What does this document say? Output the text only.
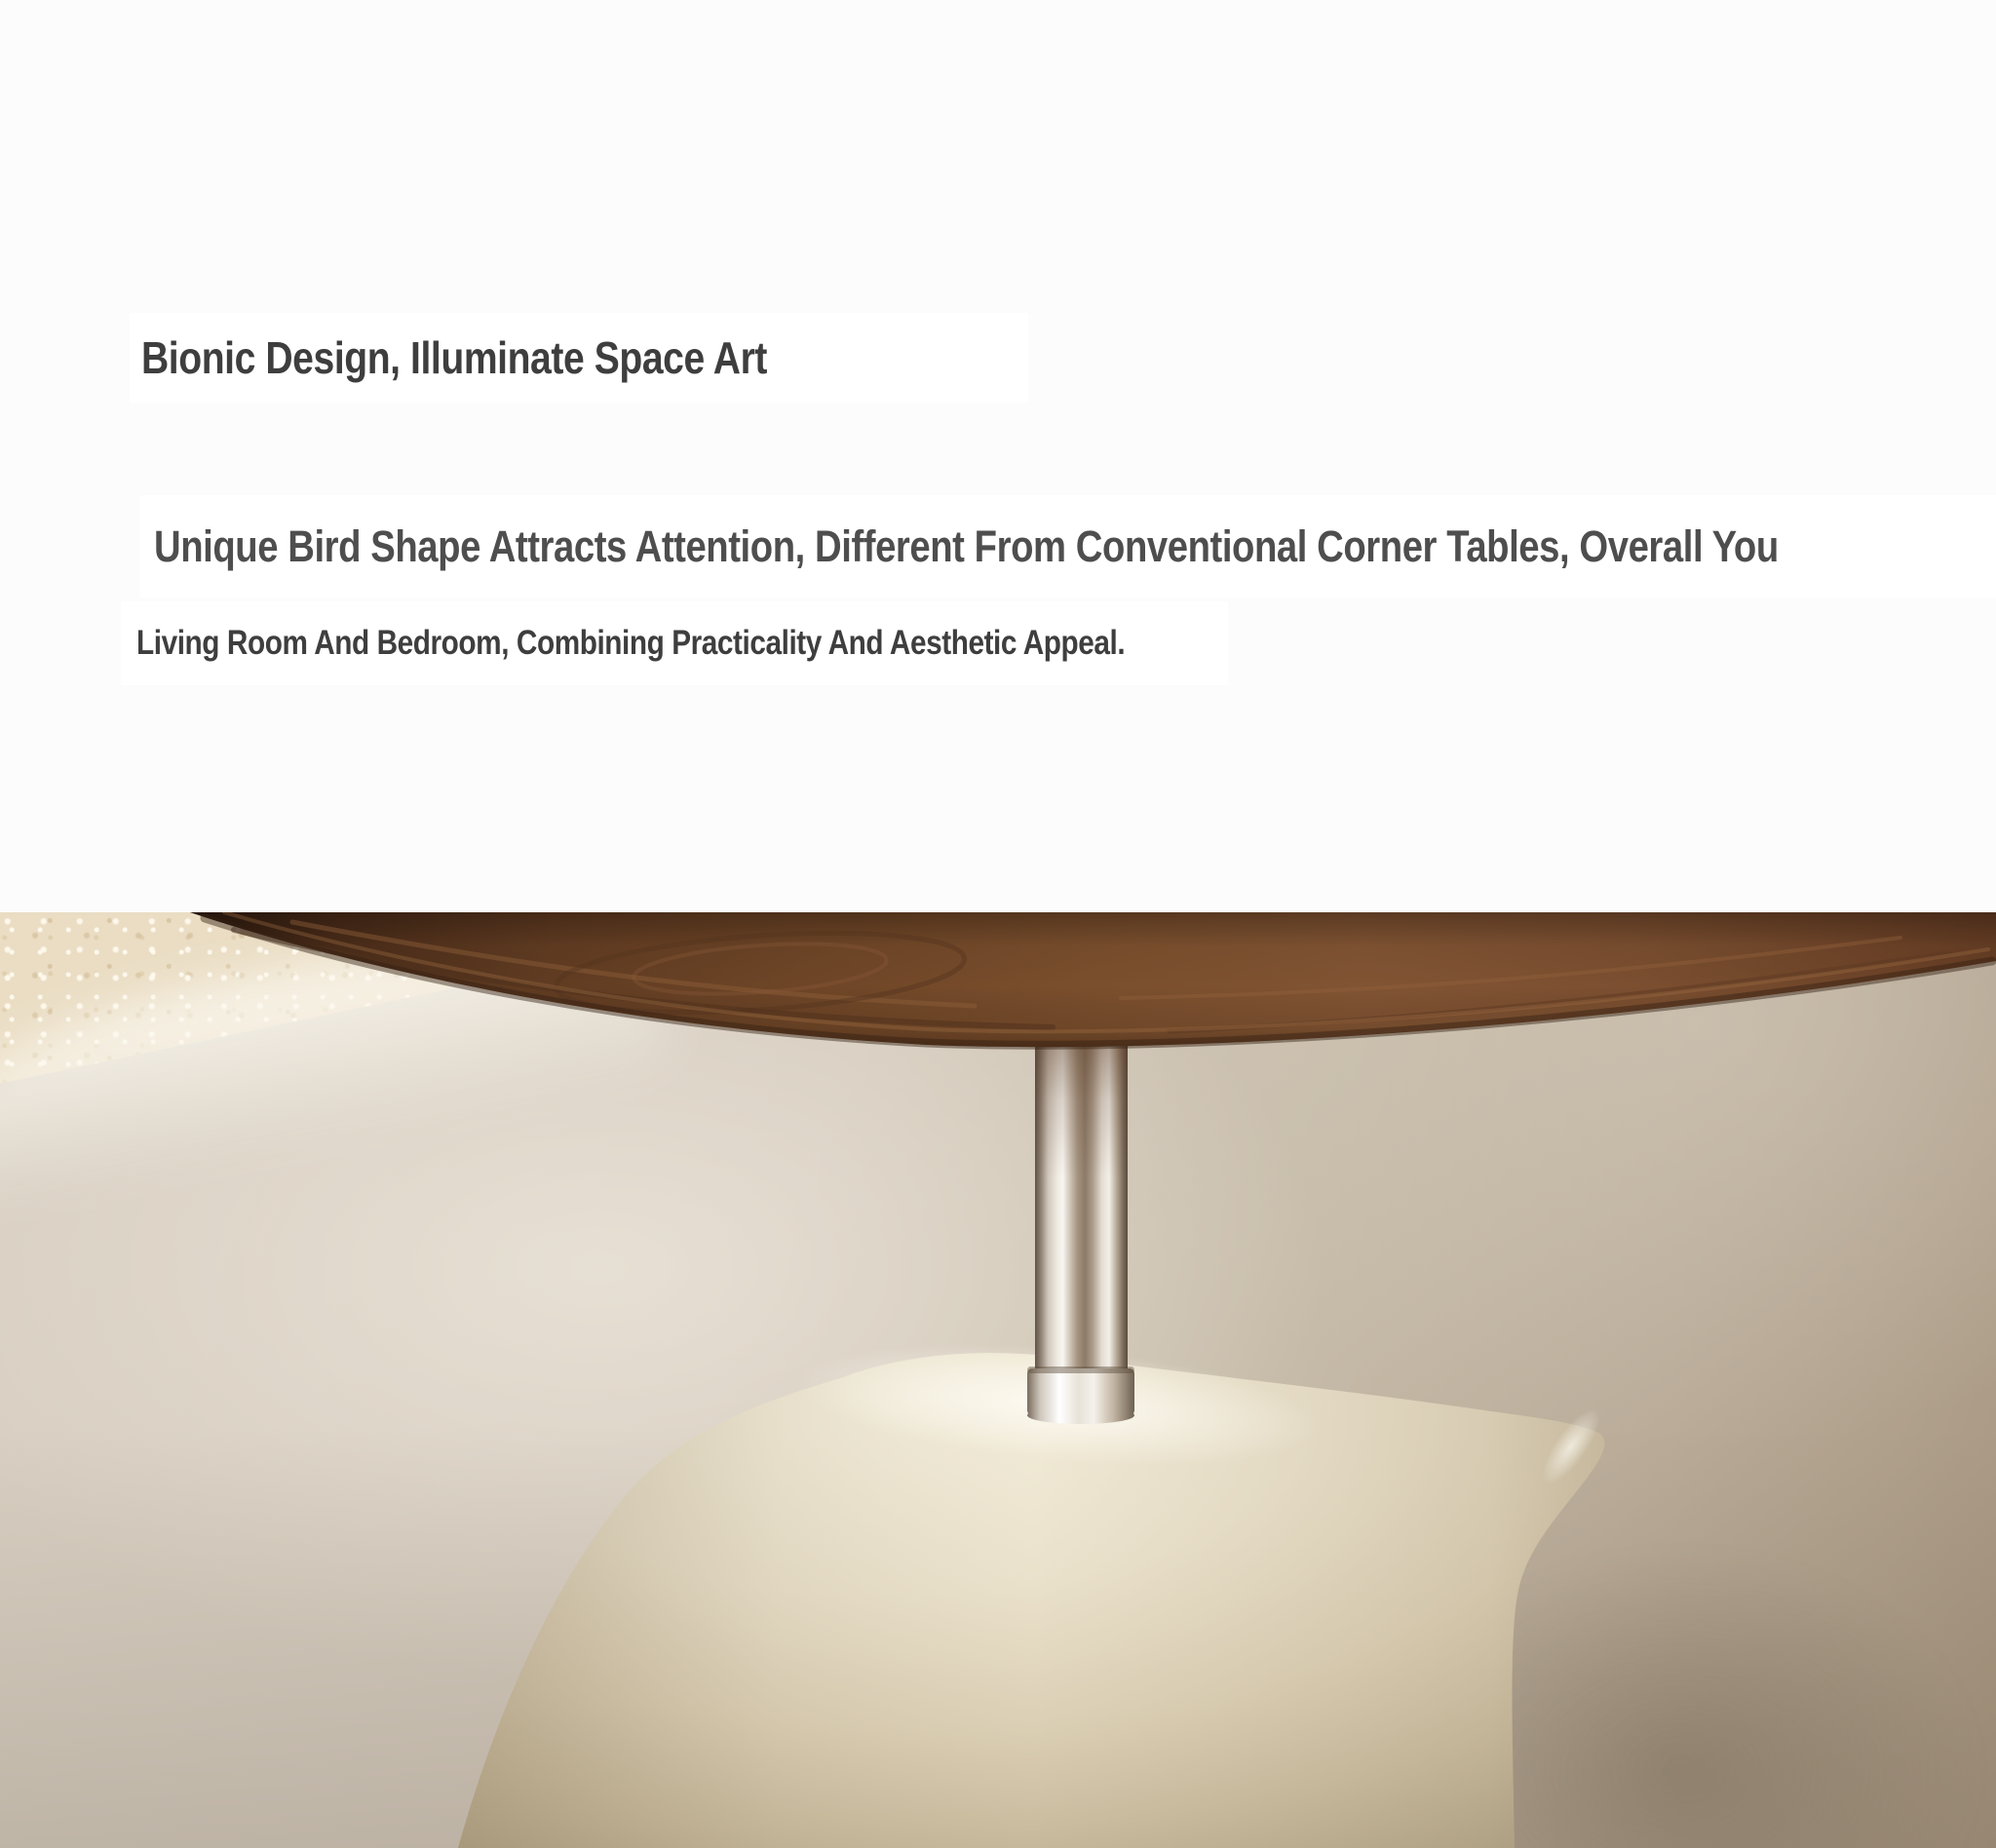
Bionic Design, Illuminate Space Art
Unique Bird Shape Attracts Attention, Different From Conventional Corner Tables, Overall You
Living Room And Bedroom, Combining Practicality And Aesthetic Appeal.
